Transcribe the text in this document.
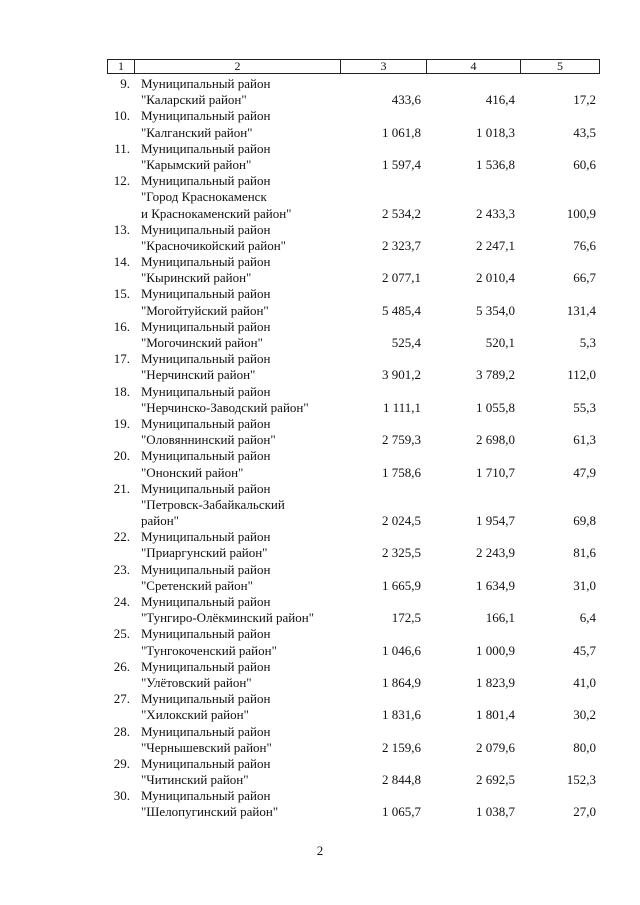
1	2	3	4	5
9. Муниципальный район
"Каларский район"	433,6	416,4	17,2
10. Муниципальный район
"Калганский район"	1 061,8	1 018,3	43,5
11. Муниципальный район
"Карымский район"	1 597,4	1 536,8	60,6
12. Муниципальный район
"Город Краснокаменск
и Краснокаменский район"	2 534,2	2 433,3	100,9
13. Муниципальный район
"Красночикойский район"	2 323,7	2 247,1	76,6
14. Муниципальный район
"Кыринский район"	2 077,1	2 010,4	66,7
15. Муниципальный район
"Могойтуйский район"	5 485,4	5 354,0	131,4
16. Муниципальный район
"Могочинский район"	525,4	520,1	5,3
17. Муниципальный район
"Нерчинский район"	3 901,2	3 789,2	112,0
18. Муниципальный район
"Нерчинско-Заводский район"	1 111,1	1 055,8	55,3
19. Муниципальный район
"Оловяннинский район"	2 759,3	2 698,0	61,3
20. Муниципальный район
"Ононский район"	1 758,6	1 710,7	47,9
21. Муниципальный район
"Петровск-Забайкальский
район"	2 024,5	1 954,7	69,8
22. Муниципальный район
"Приаргунский район"	2 325,5	2 243,9	81,6
23. Муниципальный район
"Сретенский район"	1 665,9	1 634,9	31,0
24. Муниципальный район
"Тунгиро-Олёкминский район"	172,5	166,1	6,4
25. Муниципальный район
"Тунгокоченский район"	1 046,6	1 000,9	45,7
26. Муниципальный район
"Улётовский район"	1 864,9	1 823,9	41,0
27. Муниципальный район
"Хилокский район"	1 831,6	1 801,4	30,2
28. Муниципальный район
"Чернышевский район"	2 159,6	2 079,6	80,0
29. Муниципальный район
"Читинский район"	2 844,8	2 692,5	152,3
30. Муниципальный район
"Шелопугинский район"	1 065,7	1 038,7	27,0
2
